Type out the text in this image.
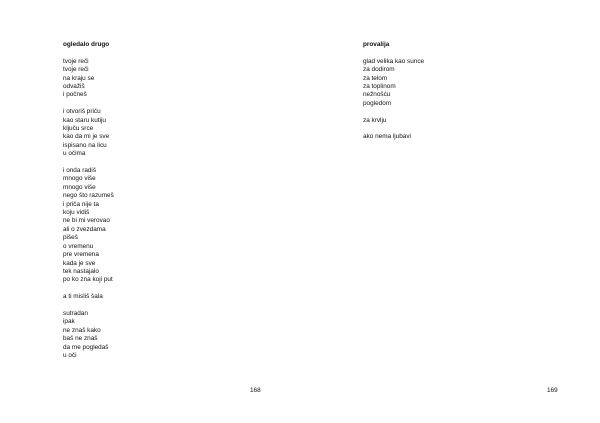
ogledalo drugo
tvoje reči
tvoje reči
na kraju se
odvažiš
i počneš
i otvoriš priču
kao staru kutiju
ključu srce
kao da mi je sve
ispisano na licu
u očima
i onda radiš
mnogo više
mnogo više
nego što razumeš
i priča nije ta
koju vidiš
ne bi mi verovao
ali o zvezdama
pišeš
o vremenu
pre vremena
kada je sve
tek nastajalo
po ko zna koji put
a ti misliš šala
sutradan
ipak
ne znaš kako
baš ne znaš
da me pogledaš
u oči
168
provalija
glad velika kao sunce
za dodirom
za telom
za toplinom
nežnošću
pogledom
za krvlju
ako nema ljubavi
169
